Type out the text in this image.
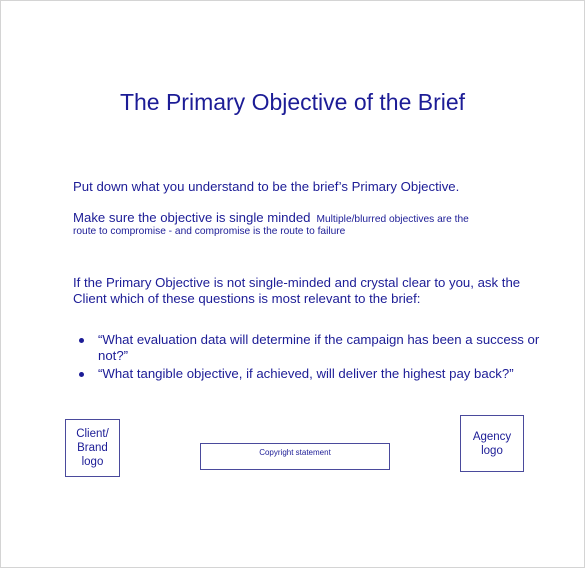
The Primary Objective of the Brief
Put down what you understand to be the brief’s Primary Objective.
Make sure the objective is single minded Multiple/blurred objectives are the
route to compromise - and compromise is the route to failure
If the Primary Objective is not single-minded and crystal clear to you, ask the Client which of these questions is most relevant to the brief:
“What evaluation data will determine if the campaign has been a success or not?”
“What tangible objective, if achieved, will deliver the highest pay back?”
Client/
Brand
logo
Copyright statement
Agency
logo
